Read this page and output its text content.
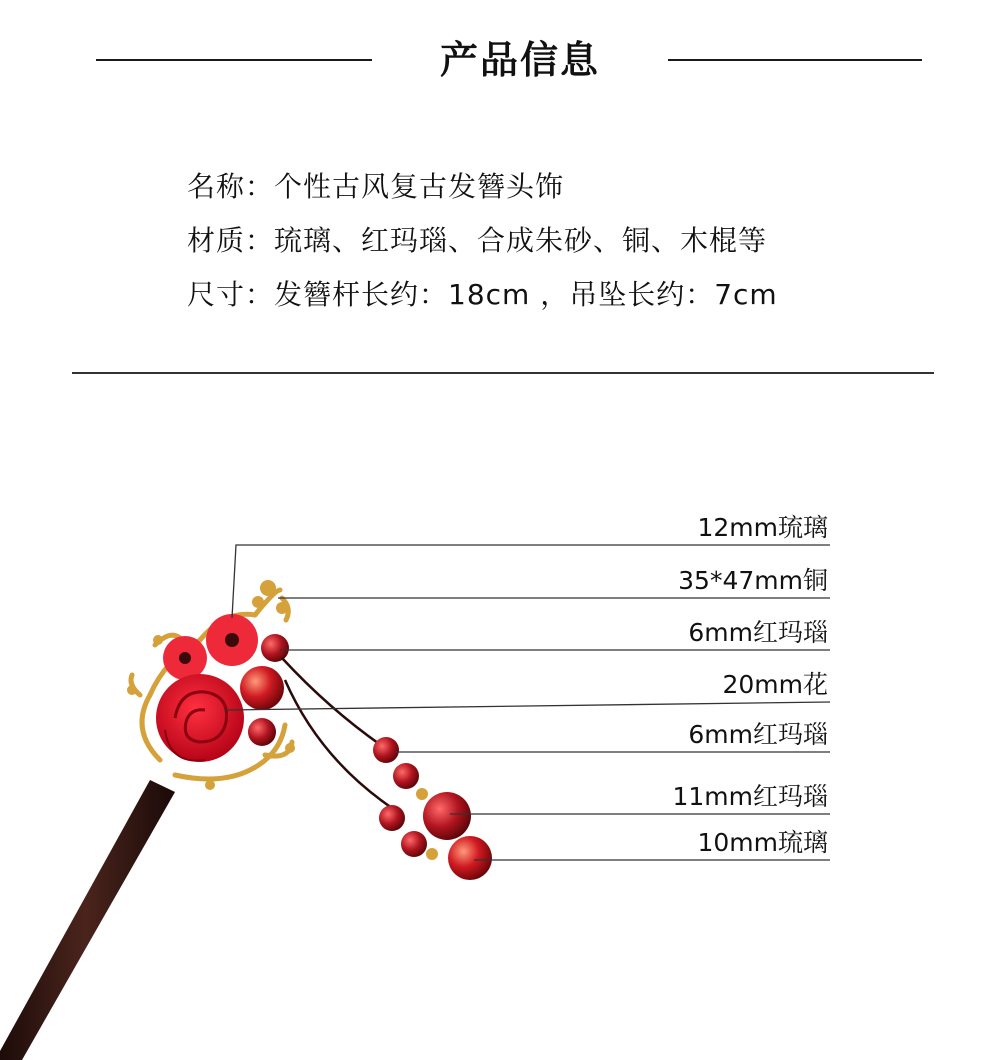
产品信息
名称：个性古风复古发簪头饰
材质：琉璃、红玛瑙、合成朱砂、铜、木棍等
尺寸：发簪杆长约：18cm ，吊坠长约：7cm
12mm琉璃
35*47mm铜
6mm红玛瑙
20mm花
6mm红玛瑙
11mm红玛瑙
10mm琉璃
